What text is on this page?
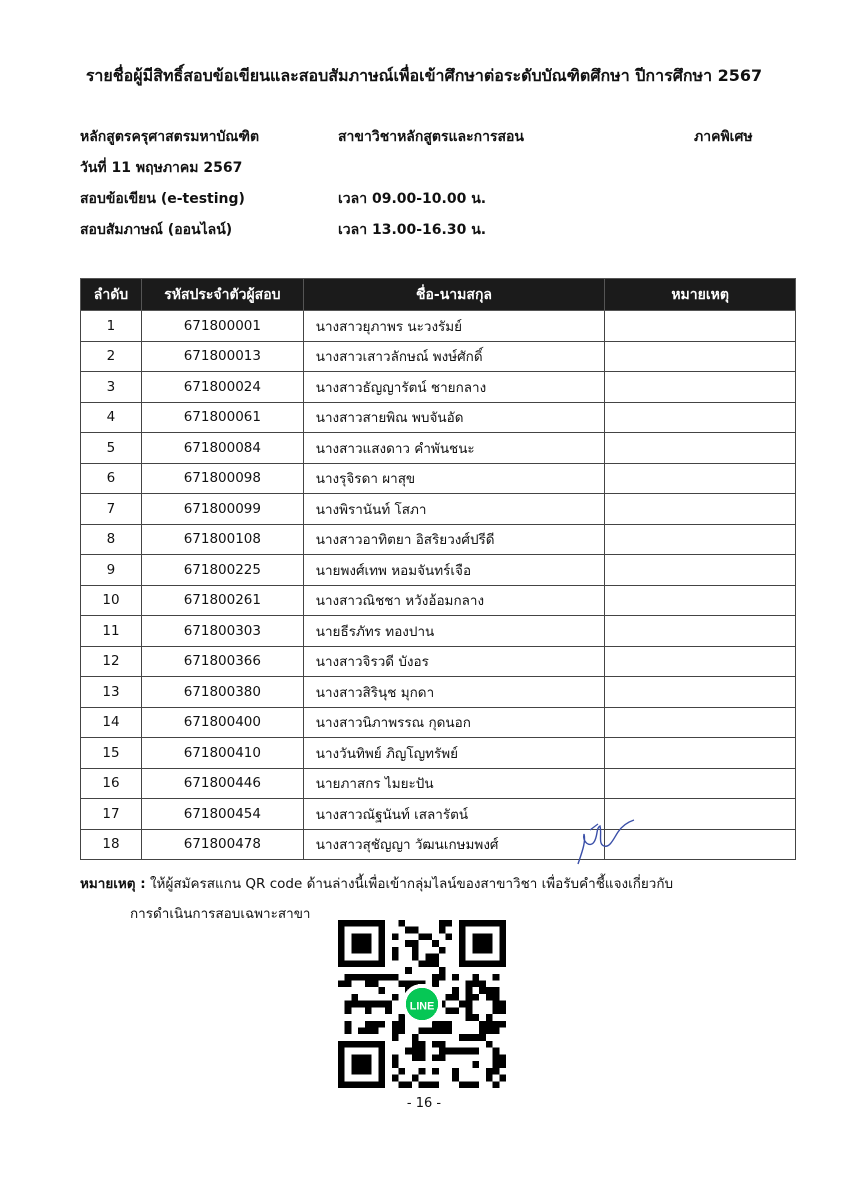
รายชื่อผู้มีสิทธิ์สอบข้อเขียนและสอบสัมภาษณ์เพื่อเข้าศึกษาต่อระดับบัณฑิตศึกษา ปีการศึกษา 2567
หลักสูตรครุศาสตรมหาบัณฑิต	สาขาวิชาหลักสูตรและการสอน	ภาคพิเศษ
วันที่ 11 พฤษภาคม 2567
สอบข้อเขียน (e-testing)	เวลา 09.00-10.00 น.
สอบสัมภาษณ์ (ออนไลน์)	เวลา 13.00-16.30 น.
ลำดับ	รหัสประจำตัวผู้สอบ	ชื่อ-นามสกุล	หมายเหตุ
1	671800001	นางสาวยุภาพร นะวงรัมย์	
2	671800013	นางสาวเสาวลักษณ์ พงษ์ศักดิ์	
3	671800024	นางสาวธัญญารัตน์ ชายกลาง	
4	671800061	นางสาวสายพิณ พบจันอัด	
5	671800084	นางสาวแสงดาว คำพันชนะ	
6	671800098	นางรุจิรดา ผาสุข	
7	671800099	นางพิรานันท์ โสภา	
8	671800108	นางสาวอาทิตยา อิสริยวงศ์ปรีดี	
9	671800225	นายพงศ์เทพ หอมจันทร์เจือ	
10	671800261	นางสาวณิชชา หวังอ้อมกลาง	
11	671800303	นายธีรภัทร ทองปาน	
12	671800366	นางสาวจิรวดี บังอร	
13	671800380	นางสาวสิรินุช มุกดา	
14	671800400	นางสาวนิภาพรรณ กุดนอก	
15	671800410	นางวันทิพย์ ภิญโญทรัพย์	
16	671800446	นายภาสกร ไมยะปัน	
17	671800454	นางสาวณัฐนันท์ เสลารัตน์	
18	671800478	นางสาวสุชัญญา วัฒนเกษมพงศ์	
หมายเหตุ : ให้ผู้สมัครสแกน QR code ด้านล่างนี้เพื่อเข้ากลุ่มไลน์ของสาขาวิชา เพื่อรับคำชี้แจงเกี่ยวกับ
การดำเนินการสอบเฉพาะสาขา
LINE
- 16 -
